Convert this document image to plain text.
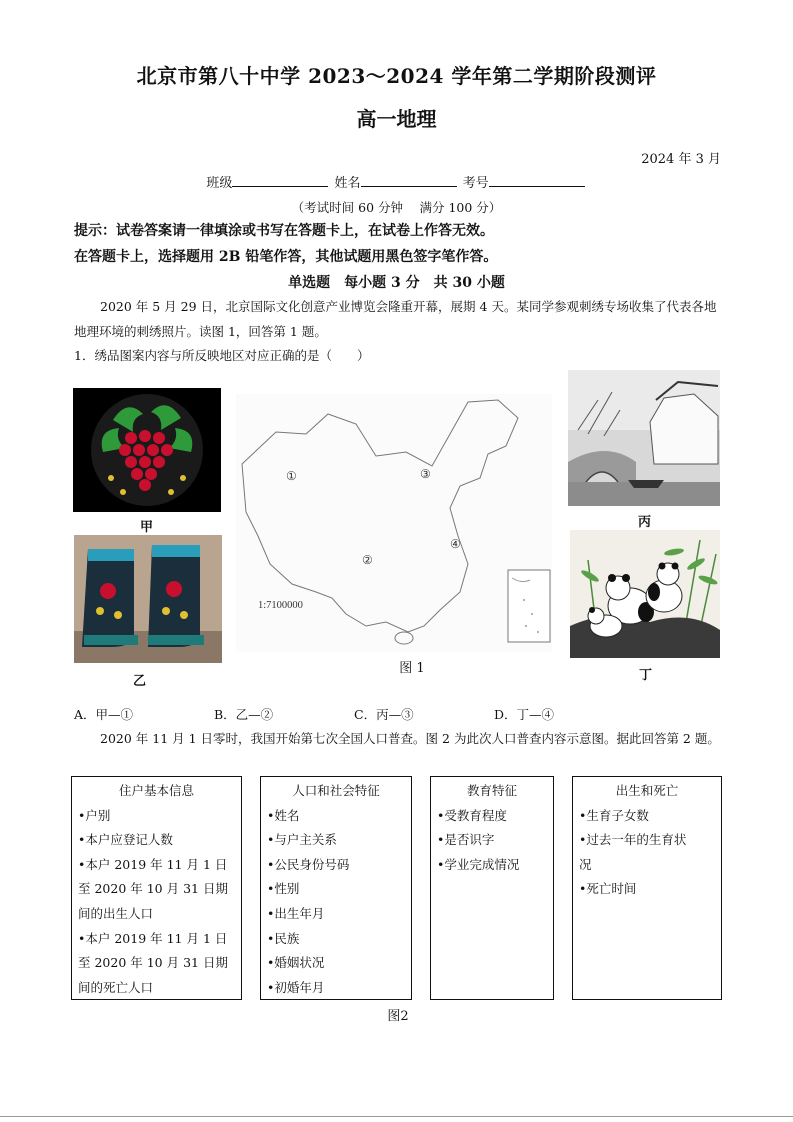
北京市第八十中学 2023～2024 学年第二学期阶段测评
高一地理
2024 年 3 月
班级	姓名	考号
（考试时间 60 分钟　 满分 100 分）
提示：试卷答案请一律填涂或书写在答题卡上，在试卷上作答无效。
在答题卡上，选择题用 2B 铅笔作答，其他试题用黑色签字笔作答。
单选题　每小题 3 分　共 30 小题
2020 年 5 月 29 日，北京国际文化创意产业博览会隆重开幕，展期 4 天。某同学参观刺绣专场收集了代表各地地理环境的刺绣照片。读图 1，回答第 1 题。
1．绣品图案内容与所反映地区对应正确的是（　　）
甲
乙
①
②
③
④
1:7100000
图 1
丙
丁
A．甲—①	B．乙—②	C．丙—③	D．丁—④
2020 年 11 月 1 日零时，我国开始第七次全国人口普查。图 2 为此次人口普查内容示意图。据此回答第 2 题。
住户基本信息
•户别
•本户应登记人数
•本户 2019 年 11 月 1 日
至 2020 年 10 月 31 日期
间的出生人口
•本户 2019 年 11 月 1 日
至 2020 年 10 月 31 日期
间的死亡人口
人口和社会特征
•姓名
•与户主关系
•公民身份号码
•性别
•出生年月
•民族
•婚姻状况
•初婚年月
教育特征
•受教育程度
•是否识字
•学业完成情况
出生和死亡
•生育子女数
•过去一年的生育状
况
•死亡时间
图2
